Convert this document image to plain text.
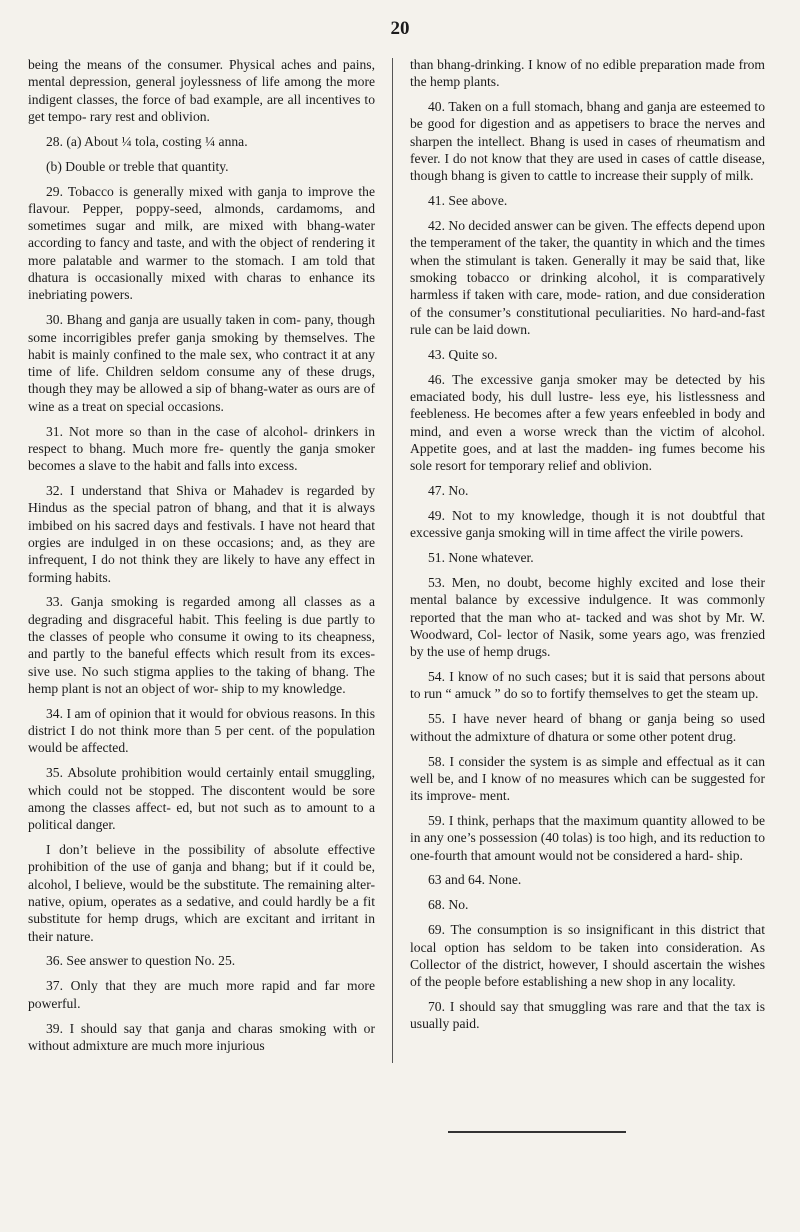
20

being the means of the consumer. Physical aches and pains, mental depression, general joylessness of life among the more indigent classes, the force of bad example, are all incentives to get tempo- rary rest and oblivion.

28. (a) About ¼ tola, costing ¼ anna.

(b) Double or treble that quantity.

29. Tobacco is generally mixed with ganja to improve the flavour. Pepper, poppy-seed, almonds, cardamoms, and sometimes sugar and milk, are mixed with bhang-water according to fancy and taste, and with the object of rendering it more palatable and warmer to the stomach. I am told that dhatura is occasionally mixed with charas to enhance its inebriating powers.

30. Bhang and ganja are usually taken in com- pany, though some incorrigibles prefer ganja smoking by themselves. The habit is mainly confined to the male sex, who contract it at any time of life. Children seldom consume any of these drugs, though they may be allowed a sip of bhang-water as ours are of wine as a treat on special occasions.

31. Not more so than in the case of alcohol- drinkers in respect to bhang. Much more fre- quently the ganja smoker becomes a slave to the habit and falls into excess.

32. I understand that Shiva or Mahadev is regarded by Hindus as the special patron of bhang, and that it is always imbibed on his sacred days and festivals. I have not heard that orgies are indulged in on these occasions; and, as they are infrequent, I do not think they are likely to have any effect in forming habits.

33. Ganja smoking is regarded among all classes as a degrading and disgraceful habit. This feeling is due partly to the classes of people who consume it owing to its cheapness, and partly to the baneful effects which result from its exces- sive use. No such stigma applies to the taking of bhang. The hemp plant is not an object of wor- ship to my knowledge.

34. I am of opinion that it would for obvious reasons. In this district I do not think more than 5 per cent. of the population would be affected.

35. Absolute prohibition would certainly entail smuggling, which could not be stopped. The discontent would be sore among the classes affect- ed, but not such as to amount to a political danger.

I don’t believe in the possibility of absolute effective prohibition of the use of ganja and bhang; but if it could be, alcohol, I believe, would be the substitute. The remaining alter- native, opium, operates as a sedative, and could hardly be a fit substitute for hemp drugs, which are excitant and irritant in their nature.

36. See answer to question No. 25.

37. Only that they are much more rapid and far more powerful.

39. I should say that ganja and charas smoking with or without admixture are much more injurious

than bhang-drinking. I know of no edible preparation made from the hemp plants.

40. Taken on a full stomach, bhang and ganja are esteemed to be good for digestion and as appetisers to brace the nerves and sharpen the intellect. Bhang is used in cases of rheumatism and fever. I do not know that they are used in cases of cattle disease, though bhang is given to cattle to increase their supply of milk.

41. See above.

42. No decided answer can be given. The effects depend upon the temperament of the taker, the quantity in which and the times when the stimulant is taken. Generally it may be said that, like smoking tobacco or drinking alcohol, it is comparatively harmless if taken with care, mode- ration, and due consideration of the consumer’s constitutional peculiarities. No hard-and-fast rule can be laid down.

43. Quite so.

46. The excessive ganja smoker may be detected by his emaciated body, his dull lustre- less eye, his listlessness and feebleness. He becomes after a few years enfeebled in body and mind, and even a worse wreck than the victim of alcohol. Appetite goes, and at last the madden- ing fumes become his sole resort for temporary relief and oblivion.

47. No.

49. Not to my knowledge, though it is not doubtful that excessive ganja smoking will in time affect the virile powers.

51. None whatever.

53. Men, no doubt, become highly excited and lose their mental balance by excessive indulgence. It was commonly reported that the man who at- tacked and was shot by Mr. W. Woodward, Col- lector of Nasik, some years ago, was frenzied by the use of hemp drugs.

54. I know of no such cases; but it is said that persons about to run “ amuck ” do so to fortify themselves to get the steam up.

55. I have never heard of bhang or ganja being so used without the admixture of dhatura or some other potent drug.

58. I consider the system is as simple and effectual as it can well be, and I know of no measures which can be suggested for its improve- ment.

59. I think, perhaps that the maximum quantity allowed to be in any one’s possession (40 tolas) is too high, and its reduction to one-fourth that amount would not be considered a hard- ship.

63 and 64. None.

68. No.

69. The consumption is so insignificant in this district that local option has seldom to be taken into consideration. As Collector of the district, however, I should ascertain the wishes of the people before establishing a new shop in any locality.

70. I should say that smuggling was rare and that the tax is usually paid.
